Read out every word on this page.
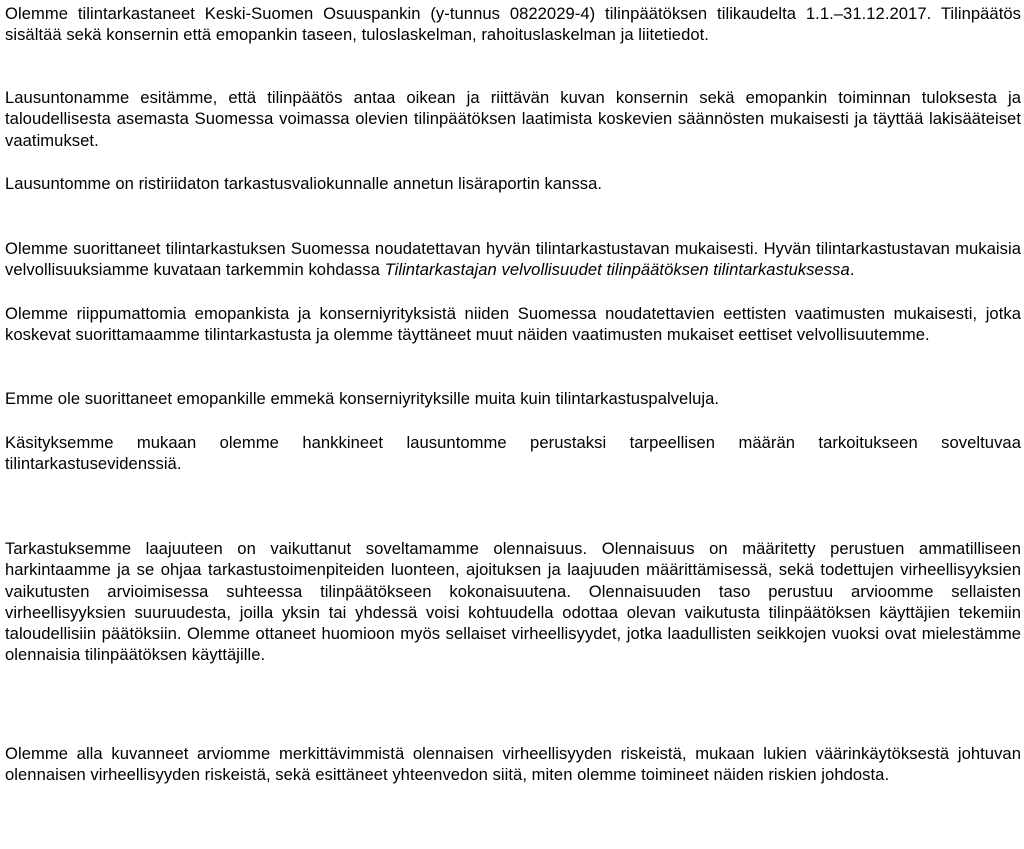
Olemme tilintarkastaneet Keski-Suomen Osuuspankin (y-tunnus 0822029-4) tilinpäätöksen tilikaudelta 1.1.–31.12.2017. Tilinpäätös sisältää sekä konsernin että emopankin taseen, tuloslaskelman, rahoituslaskelman ja liitetiedot.

Lausuntonamme esitämme, että tilinpäätös antaa oikean ja riittävän kuvan konsernin sekä emopankin toiminnan tuloksesta ja taloudellisesta asemasta Suomessa voimassa olevien tilinpäätöksen laatimista koskevien säännösten mukaisesti ja täyttää lakisääteiset vaatimukset.

Lausuntomme on ristiriidaton tarkastusvaliokunnalle annetun lisäraportin kanssa.

Olemme suorittaneet tilintarkastuksen Suomessa noudatettavan hyvän tilintarkastustavan mukaisesti. Hyvän tilintarkastustavan mukaisia velvollisuuksiamme kuvataan tarkemmin kohdassa Tilintarkastajan velvollisuudet tilinpäätöksen tilintarkastuksessa.

Olemme riippumattomia emopankista ja konserniyrityksistä niiden Suomessa noudatettavien eettisten vaatimusten mukaisesti, jotka koskevat suorittamaamme tilintarkastusta ja olemme täyttäneet muut näiden vaatimusten mukaiset eettiset velvollisuutemme.

Emme ole suorittaneet emopankille emmekä konserniyrityksille muita kuin tilintarkastuspalveluja.

Käsityksemme mukaan olemme hankkineet lausuntomme perustaksi tarpeellisen määrän tarkoitukseen soveltuvaa tilintarkastusevidenssiä.

Tarkastuksemme laajuuteen on vaikuttanut soveltamamme olennaisuus. Olennaisuus on määritetty perustuen ammatilliseen harkintaamme ja se ohjaa tarkastustoimenpiteiden luonteen, ajoituksen ja laajuuden määrittämisessä, sekä todettujen virheellisyyksien vaikutusten arvioimisessa suhteessa tilinpäätökseen kokonaisuutena. Olennaisuuden taso perustuu arvioomme sellaisten virheellisyyksien suuruudesta, joilla yksin tai yhdessä voisi kohtuudella odottaa olevan vaikutusta tilinpäätöksen käyttäjien tekemiin taloudellisiin päätöksiin. Olemme ottaneet huomioon myös sellaiset virheellisyydet, jotka laadullisten seikkojen vuoksi ovat mielestämme olennaisia tilinpäätöksen käyttäjille.

Olemme alla kuvanneet arviomme merkittävimmistä olennaisen virheellisyyden riskeistä, mukaan lukien väärinkäytöksestä johtuvan olennaisen virheellisyyden riskeistä, sekä esittäneet yhteenvedon siitä, miten olemme toimineet näiden riskien johdosta.
